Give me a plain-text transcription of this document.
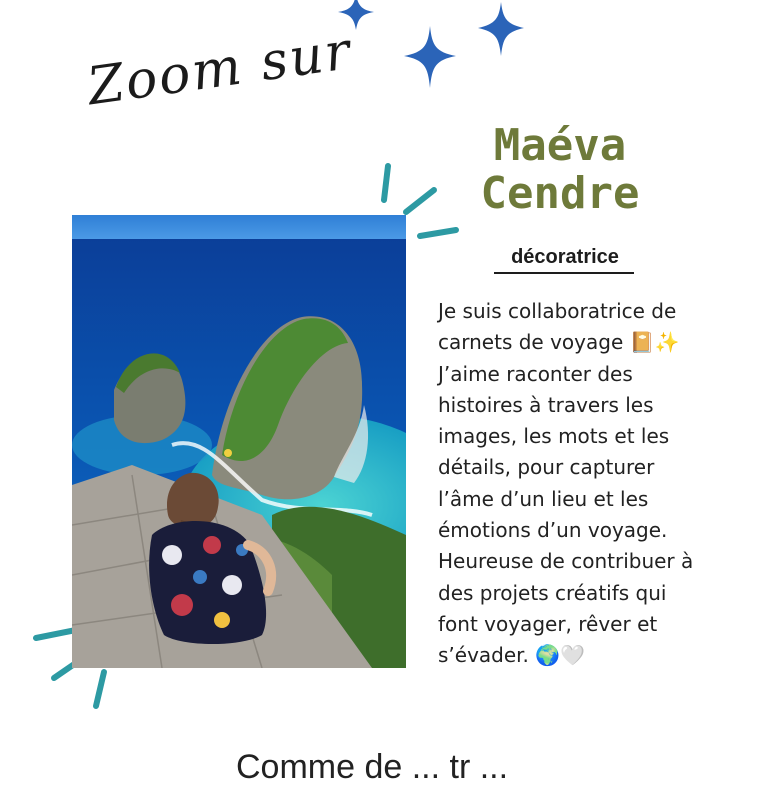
Zoom sur
Maéva
Cendre
décoratrice
Je suis collaboratrice de
carnets de voyage 📔✨
J’aime raconter des
histoires à travers les
images, les mots et les
détails, pour capturer
l’âme d’un lieu et les
émotions d’un voyage.
Heureuse de contribuer à
des projets créatifs qui
font voyager, rêver et
s’évader. 🌍🤍
Comme de ... tr ...
